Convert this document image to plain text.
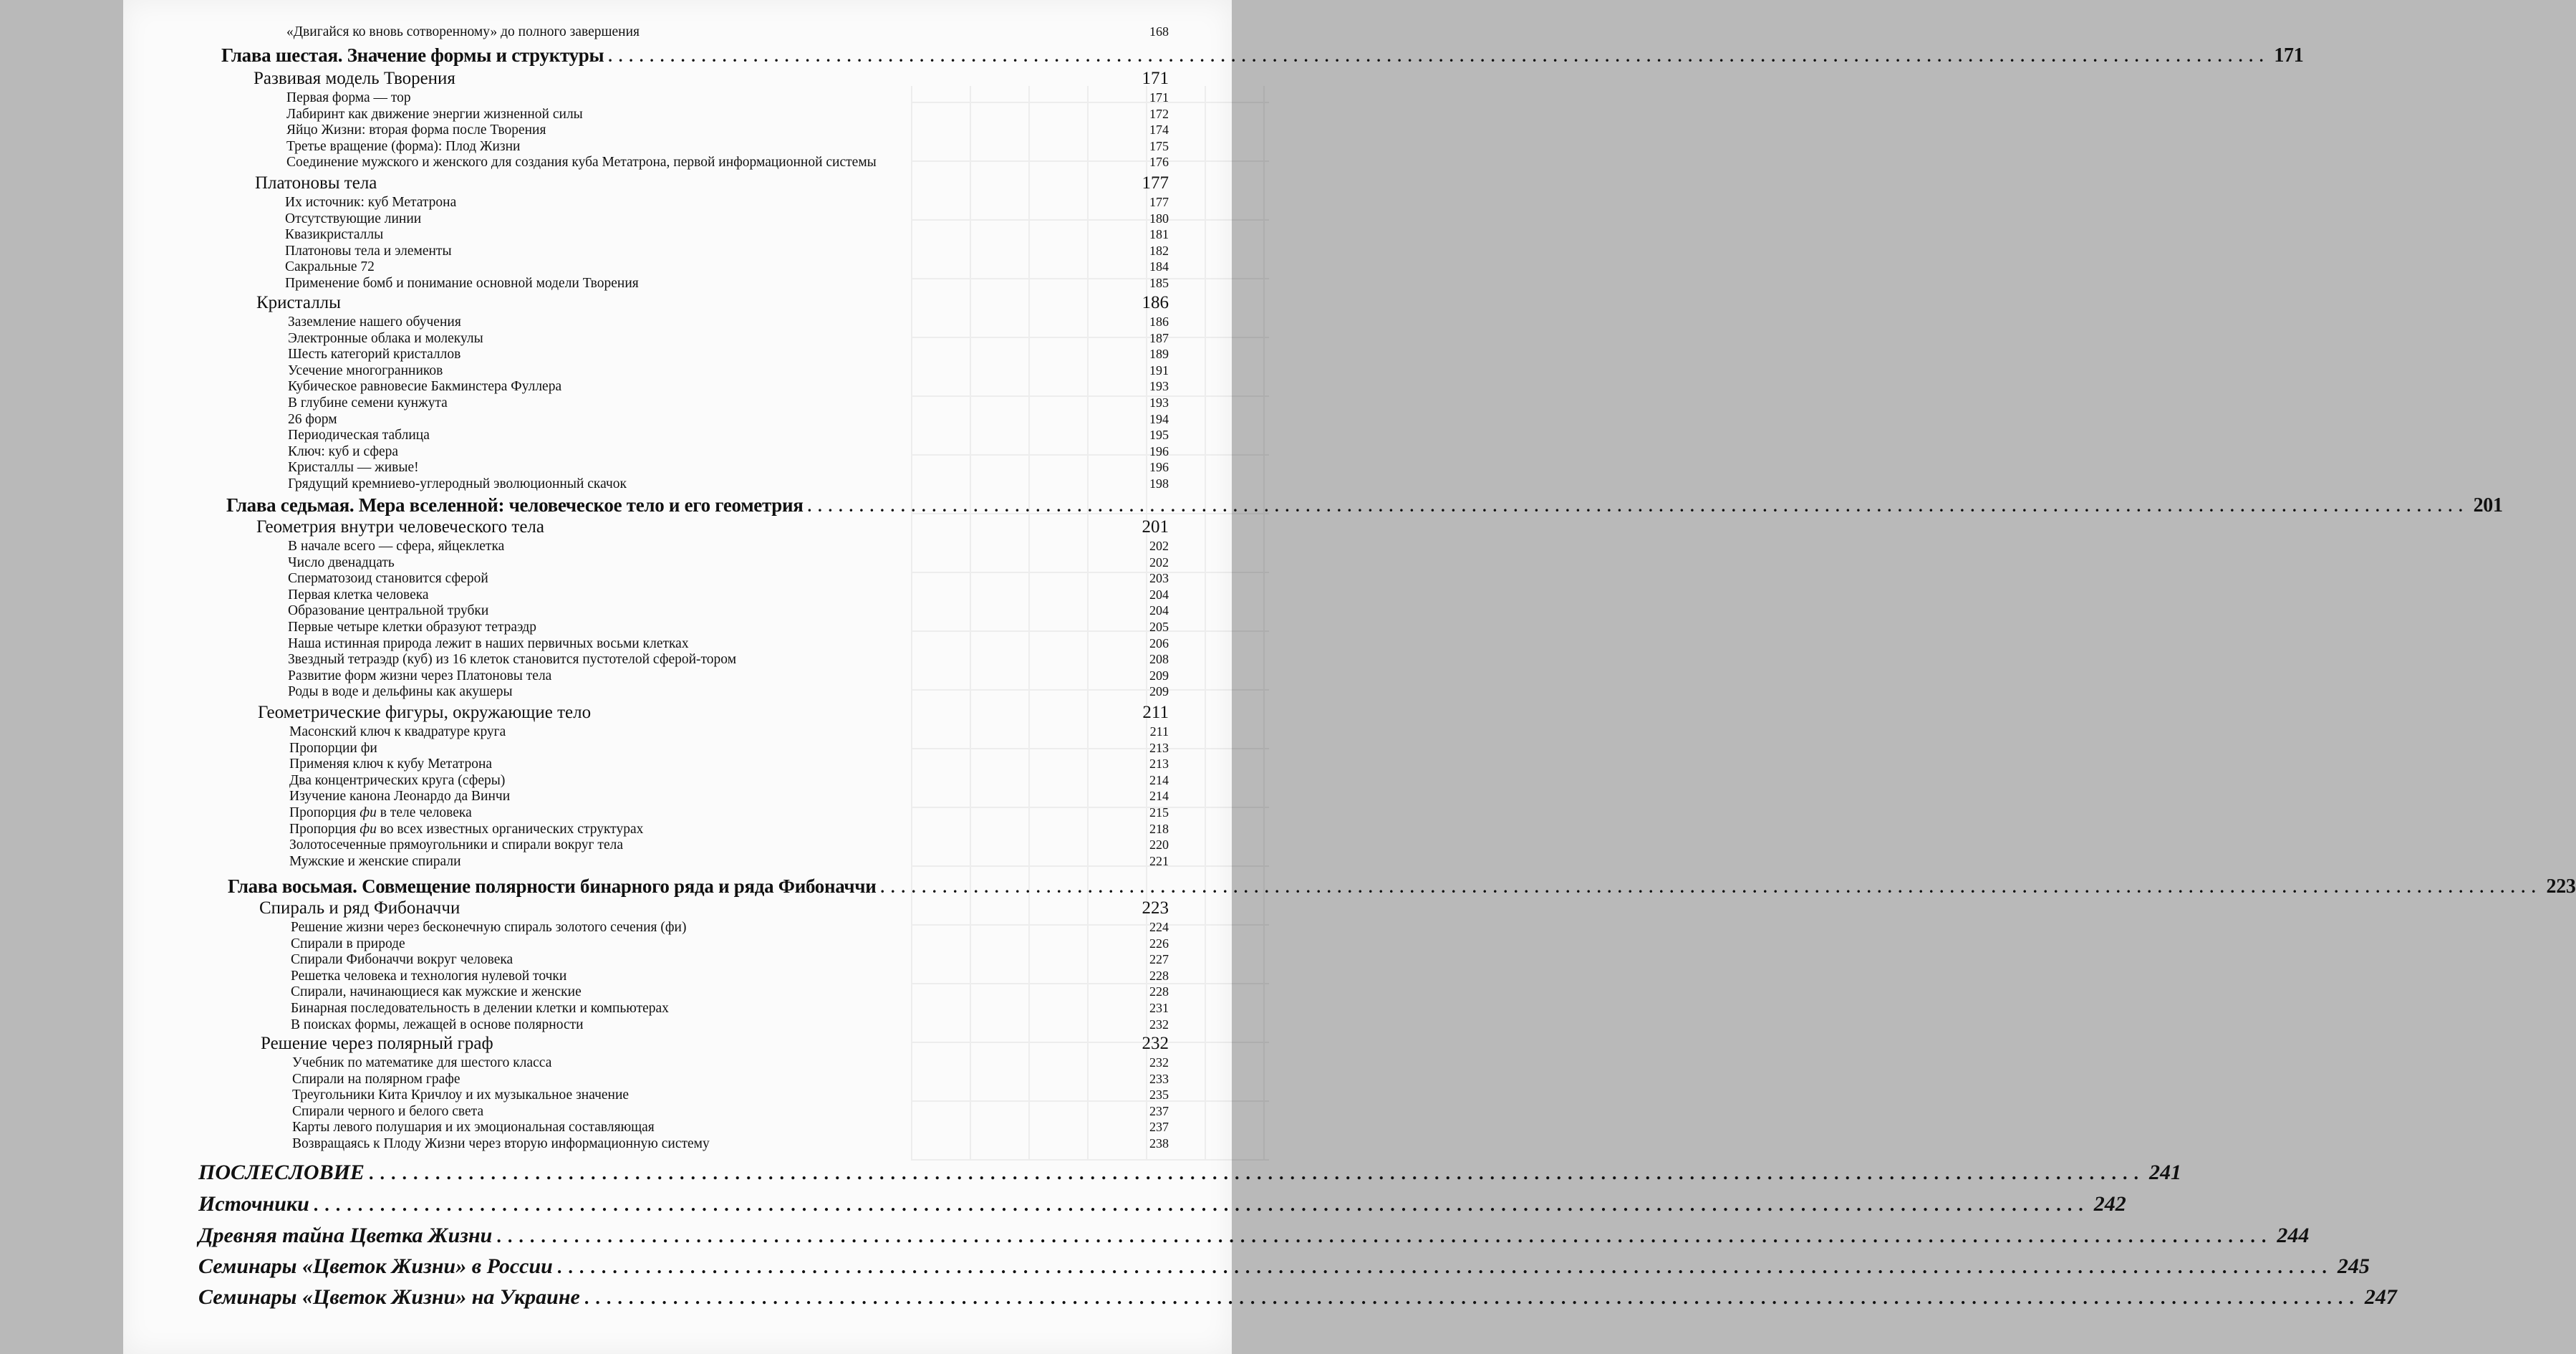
«Двигайся ко вновь сотворенному» до полного завершения	168
Глава шестая. Значение формы и структуры ................................................................................................................................................................ 171
Развивая модель Творения	171
Первая форма — тор	171
Лабиринт как движение энергии жизненной силы	172
Яйцо Жизни: вторая форма после Творения	174
Третье вращение (форма): Плод Жизни	175
Соединение мужского и женского для создания куба Метатрона, первой информационной системы	176
Платоновы тела	177
Их источник: куб Метатрона	177
Отсутствующие линии	180
Квазикристаллы	181
Платоновы тела и элементы	182
Сакральные 72	184
Применение бомб и понимание основной модели Творения	185
Кристаллы	186
Заземление нашего обучения	186
Электронные облака и молекулы	187
Шесть категорий кристаллов	189
Усечение многогранников	191
Кубическое равновесие Бакминстера Фуллера	193
В глубине семени кунжута	193
26 форм	194
Периодическая таблица	195
Ключ: куб и сфера	196
Кристаллы — живые!	196
Грядущий кремниево-углеродный эволюционный скачок	198
Глава седьмая. Мера вселенной: человеческое тело и его геометрия ................................................................................................................................................................ 201
Геометрия внутри человеческого тела	201
В начале всего — сфера, яйцеклетка	202
Число двенадцать	202
Сперматозоид становится сферой	203
Первая клетка человека	204
Образование центральной трубки	204
Первые четыре клетки образуют тетраэдр	205
Наша истинная природа лежит в наших первичных восьми клетках	206
Звездный тетраэдр (куб) из 16 клеток становится пустотелой сферой-тором	208
Развитие форм жизни через Платоновы тела	209
Роды в воде и дельфины как акушеры	209
Геометрические фигуры, окружающие тело	211
Масонский ключ к квадратуре круга	211
Пропорции фи	213
Применяя ключ к кубу Метатрона	213
Два концентрических круга (сферы)	214
Изучение канона Леонардо да Винчи	214
Пропорция фи в теле человека	215
Пропорция фи во всех известных органических структурах	218
Золотосеченные прямоугольники и спирали вокруг тела	220
Мужские и женские спирали	221
Глава восьмая. Совмещение полярности бинарного ряда и ряда Фибоначчи ................................................................................................................................................................ 223
Спираль и ряд Фибоначчи	223
Решение жизни через бесконечную спираль золотого сечения (фи)	224
Спирали в природе	226
Спирали Фибоначчи вокруг человека	227
Решетка человека и технология нулевой точки	228
Спирали, начинающиеся как мужские и женские	228
Бинарная последовательность в делении клетки и компьютерах	231
В поисках формы, лежащей в основе полярности	232
Решение через полярный граф	232
Учебник по математике для шестого класса	232
Спирали на полярном графе	233
Треугольники Кита Кричлоу и их музыкальное значение	235
Спирали черного и белого света	237
Карты левого полушария и их эмоциональная составляющая	237
Возвращаясь к Плоду Жизни через вторую информационную систему	238
ПОСЛЕСЛОВИЕ ................................................................................................................................................................ 241
Источники ................................................................................................................................................................ 242
Древняя тайна Цветка Жизни ................................................................................................................................................................ 244
Семинары «Цветок Жизни» в России ................................................................................................................................................................ 245
Семинары «Цветок Жизни» на Украине ................................................................................................................................................................ 247
